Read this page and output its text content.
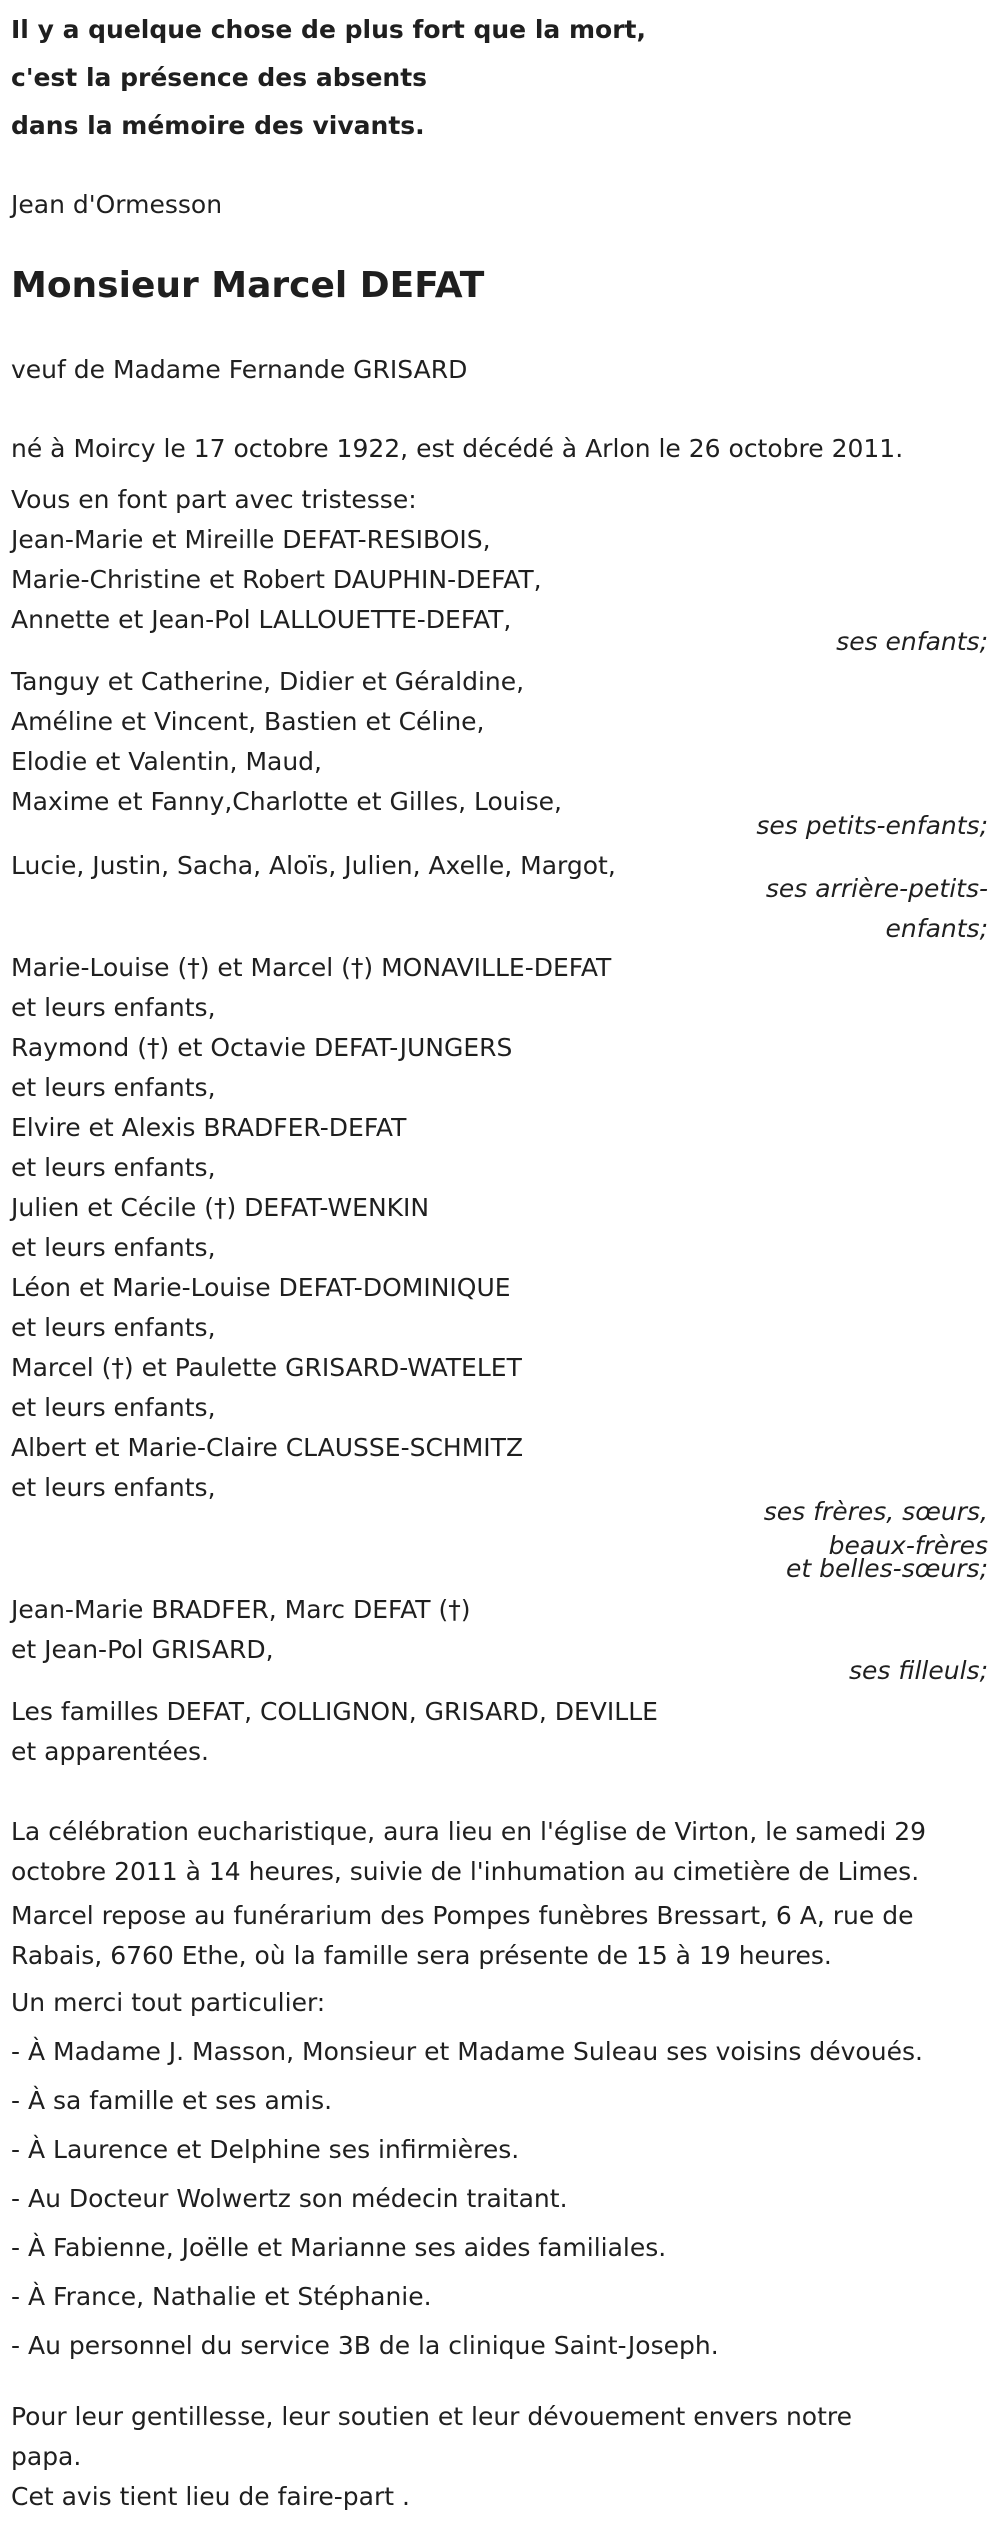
Il y a quelque chose de plus fort que la mort,
c'est la présence des absents
dans la mémoire des vivants.
Jean d'Ormesson
Monsieur Marcel DEFAT
veuf de Madame Fernande GRISARD
né à Moircy le 17 octobre 1922, est décédé à Arlon le 26 octobre 2011.
Vous en font part avec tristesse:
Jean-Marie et Mireille DEFAT-RESIBOIS,
Marie-Christine et Robert DAUPHIN-DEFAT,
Annette et Jean-Pol LALLOUETTE-DEFAT,
ses enfants;
Tanguy et Catherine, Didier et Géraldine,
Améline et Vincent, Bastien et Céline,
Elodie et Valentin, Maud,
Maxime et Fanny,Charlotte et Gilles, Louise,
ses petits-enfants;
Lucie, Justin, Sacha, Aloïs, Julien, Axelle, Margot,
ses arrière-petits-
enfants;
Marie-Louise (†) et Marcel (†) MONAVILLE-DEFAT
et leurs enfants,
Raymond (†) et Octavie DEFAT-JUNGERS
et leurs enfants,
Elvire et Alexis BRADFER-DEFAT
et leurs enfants,
Julien et Cécile (†) DEFAT-WENKIN
et leurs enfants,
Léon et Marie-Louise DEFAT-DOMINIQUE
et leurs enfants,
Marcel (†) et Paulette GRISARD-WATELET
et leurs enfants,
Albert et Marie-Claire CLAUSSE-SCHMITZ
et leurs enfants,
ses frères, sœurs,
beaux-frères
et belles-sœurs;
Jean-Marie BRADFER, Marc DEFAT (†)
et Jean-Pol GRISARD,
ses filleuls;
Les familles DEFAT, COLLIGNON, GRISARD, DEVILLE
et apparentées.
La célébration eucharistique, aura lieu en l'église de Virton, le samedi 29
octobre 2011 à 14 heures, suivie de l'inhumation au cimetière de Limes.
Marcel repose au funérarium des Pompes funèbres Bressart, 6 A, rue de
Rabais, 6760 Ethe, où la famille sera présente de 15 à 19 heures.
Un merci tout particulier:
- À Madame J. Masson, Monsieur et Madame Suleau ses voisins dévoués.
- À sa famille et ses amis.
- À Laurence et Delphine ses infirmières.
- Au Docteur Wolwertz son médecin traitant.
- À Fabienne, Joëlle et Marianne ses aides familiales.
- À France, Nathalie et Stéphanie.
- Au personnel du service 3B de la clinique Saint-Joseph.
Pour leur gentillesse, leur soutien et leur dévouement envers notre
papa.
Cet avis tient lieu de faire-part .
